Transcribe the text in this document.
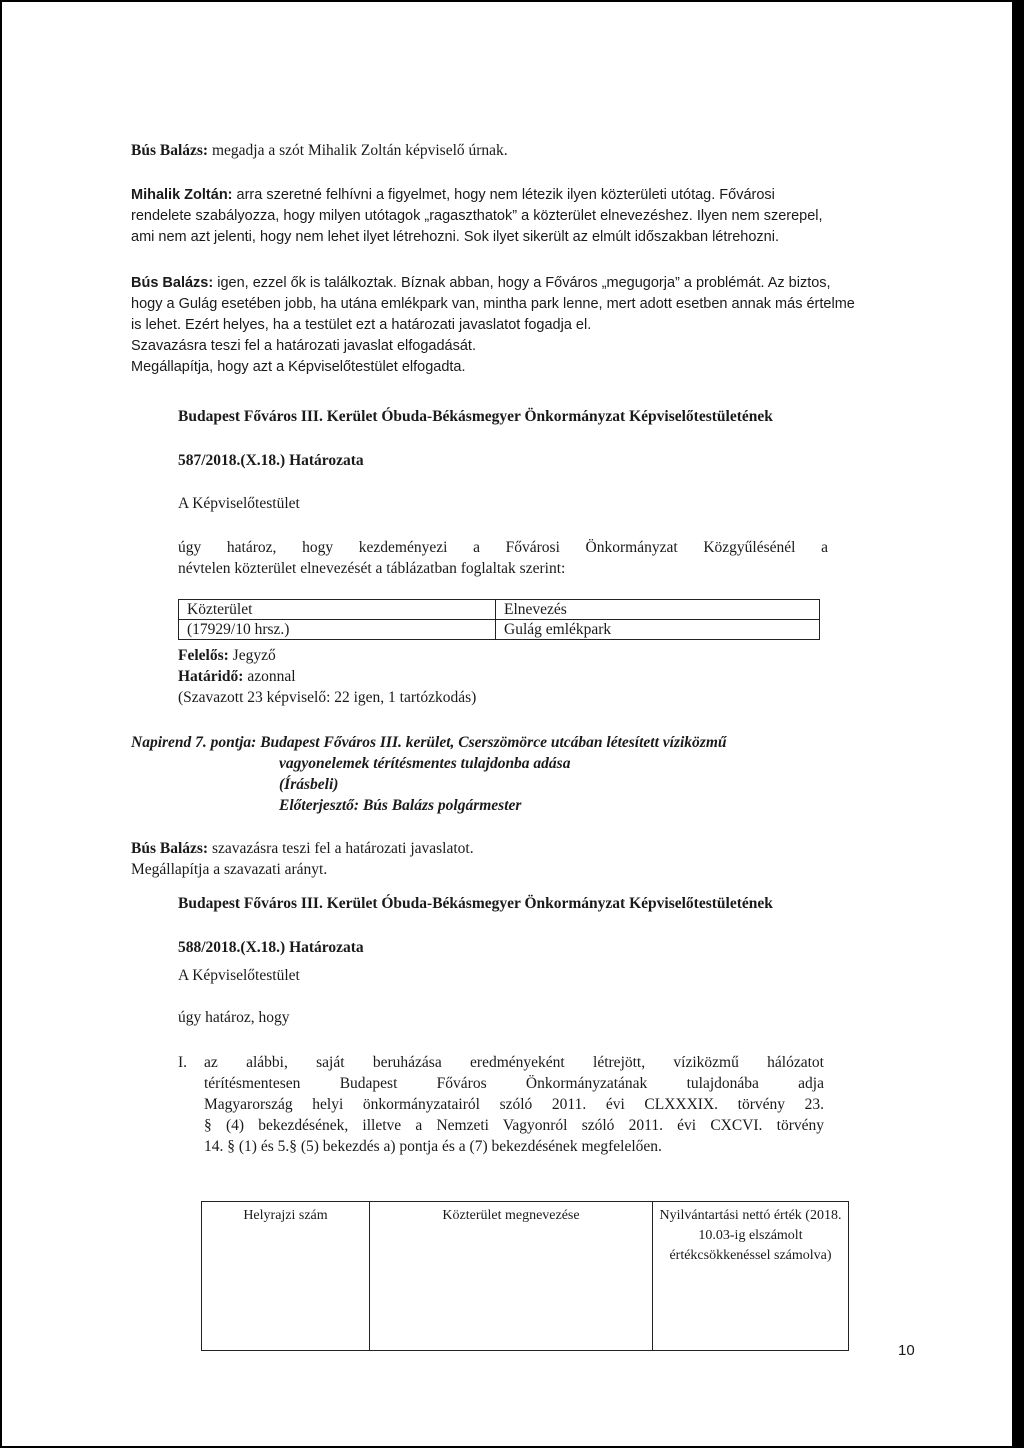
Bús Balázs: megadja a szót Mihalik Zoltán képviselő úrnak.

Mihalik Zoltán: arra szeretné felhívni a figyelmet, hogy nem létezik ilyen közterületi utótag. Fővárosi
rendelete szabályozza, hogy milyen utótagok „ragaszthatok” a közterület elnevezéshez. Ilyen nem szerepel,
ami nem azt jelenti, hogy nem lehet ilyet létrehozni. Sok ilyet sikerült az elmúlt időszakban létrehozni.
Bús Balázs: igen, ezzel ők is találkoztak. Bíznak abban, hogy a Főváros „megugorja” a problémát. Az biztos,
hogy a Gulág esetében jobb, ha utána emlékpark van, mintha park lenne, mert adott esetben annak más értelme
is lehet. Ezért helyes, ha a testület ezt a határozati javaslatot fogadja el.
Szavazásra teszi fel a határozati javaslat elfogadását.
Megállapítja, hogy azt a Képviselőtestület elfogadta.

Budapest Főváros III. Kerület Óbuda-Békásmegyer Önkormányzat Képviselőtestületének

587/2018.(X.18.) Határozata

A Képviselőtestület

úgy határoz, hogy kezdeményezi a Fővárosi Önkormányzat Közgyűlésénél a
névtelen közterület elnevezését a táblázatban foglaltak szerint:
Közterület	Elnevezés
(17929/10 hrsz.)	Gulág emlékpark

Felelős: Jegyző

Határidő: azonnal

(Szavazott 23 képviselő: 22 igen, 1 tartózkodás)

Napirend 7. pontja: Budapest Főváros III. kerület, Cserszömörce utcában létesített víziközmű
vagyonelemek térítésmentes tulajdonba adása
(Írásbeli)
Előterjesztő: Bús Balázs polgármester
Bús Balázs: szavazásra teszi fel a határozati javaslatot.
Megállapítja a szavazati arányt.

Budapest Főváros III. Kerület Óbuda-Békásmegyer Önkormányzat Képviselőtestületének

588/2018.(X.18.) Határozata

A Képviselőtestület

úgy határoz, hogy

I. az alábbi, saját beruházása eredményeként létrejött, víziközmű hálózatot
térítésmentesen Budapest Főváros Önkormányzatának tulajdonába adja
Magyarország helyi önkormányzatairól szóló 2011. évi CLXXXIX. törvény 23.
§ (4) bekezdésének, illetve a Nemzeti Vagyonról szóló 2011. évi CXCVI. törvény
14. § (1) és 5.§ (5) bekezdés a) pontja és a (7) bekezdésének megfelelően.
Helyrajzi szám	Közterület megnevezése	Nyilvántartási nettó érték (2018. 10.03-ig elszámolt értékcsökkenéssel számolva)
10
